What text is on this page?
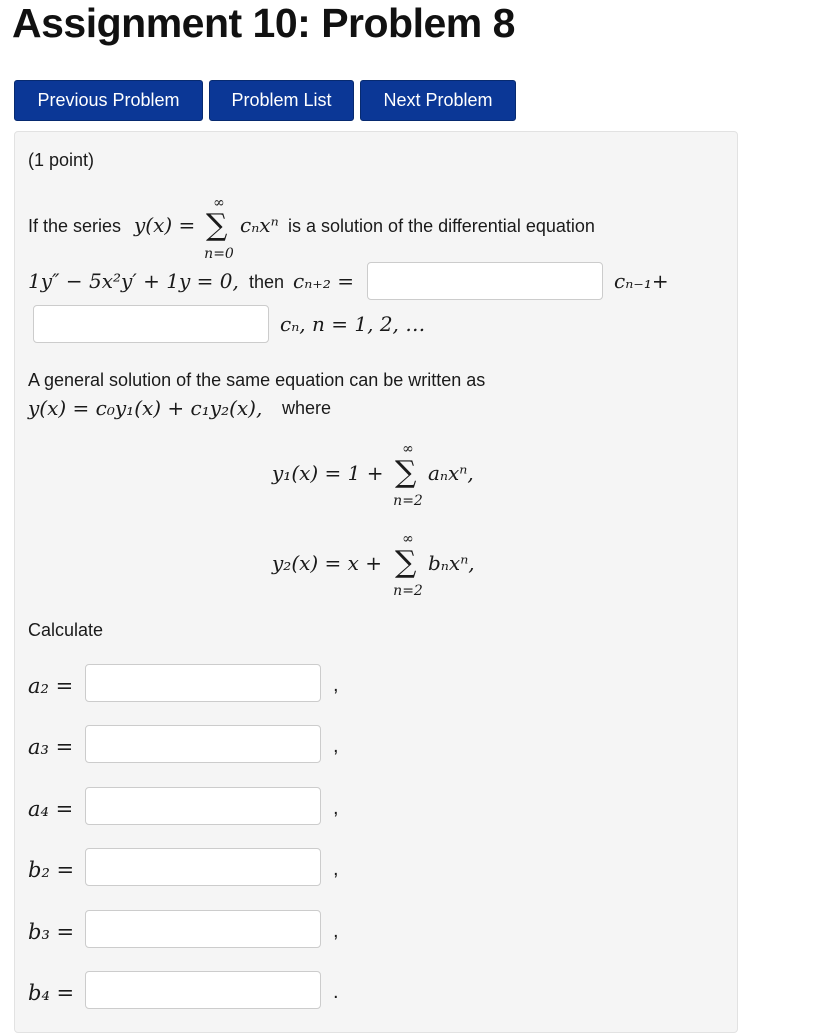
Assignment 10: Problem 8
Previous Problem	Problem List	Next Problem
(1 point)
If the series y(x) =
∞
∑
n=0
cₙxⁿ is a solution of the differential equation
1y″ − 5x²y′ + 1y = 0, then cₙ₊₂ =	cₙ₋₁+
cₙ, n = 1, 2, …
A general solution of the same equation can be written as
y(x) = c₀y₁(x) + c₁y₂(x), where
y₁(x) = 1 +
∞
∑
n=2
aₙxⁿ,
y₂(x) = x +
∞
∑
n=2
bₙxⁿ,
Calculate
a₂ =	,
a₃ =	,
a₄ =	,
b₂ =	,
b₃ =	,
b₄ =	.
